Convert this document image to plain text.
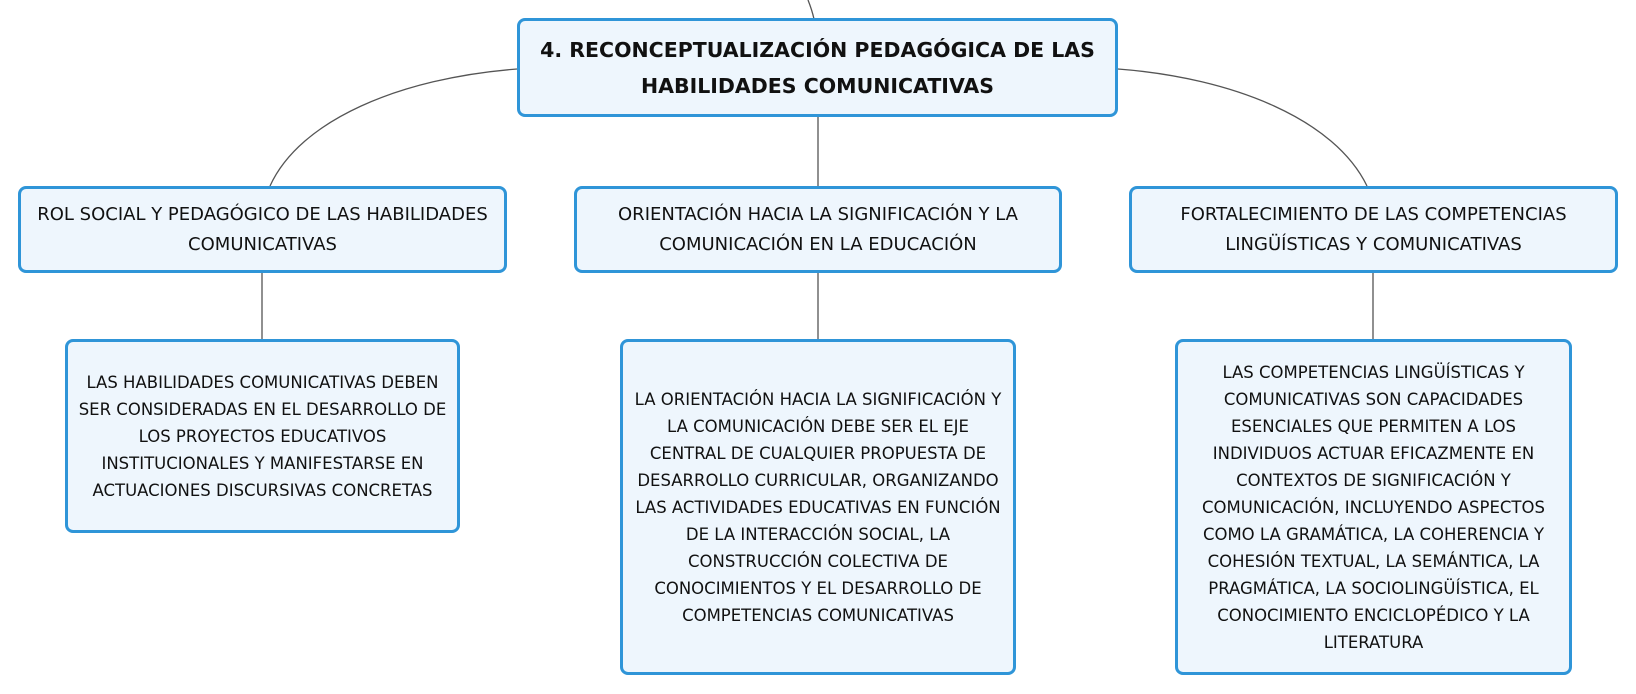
4. RECONCEPTUALIZACIÓN PEDAGÓGICA DE LAS HABILIDADES COMUNICATIVAS
ROL SOCIAL Y PEDAGÓGICO DE LAS HABILIDADES COMUNICATIVAS
ORIENTACIÓN HACIA LA SIGNIFICACIÓN Y LA COMUNICACIÓN EN LA EDUCACIÓN
FORTALECIMIENTO DE LAS COMPETENCIAS LINGÜÍSTICAS Y COMUNICATIVAS
LAS HABILIDADES COMUNICATIVAS DEBEN SER CONSIDERADAS EN EL DESARROLLO DE LOS PROYECTOS EDUCATIVOS INSTITUCIONALES Y MANIFESTARSE EN ACTUACIONES DISCURSIVAS CONCRETAS
LA ORIENTACIÓN HACIA LA SIGNIFICACIÓN Y LA COMUNICACIÓN DEBE SER EL EJE CENTRAL DE CUALQUIER PROPUESTA DE DESARROLLO CURRICULAR, ORGANIZANDO LAS ACTIVIDADES EDUCATIVAS EN FUNCIÓN DE LA INTERACCIÓN SOCIAL, LA CONSTRUCCIÓN COLECTIVA DE CONOCIMIENTOS Y EL DESARROLLO DE COMPETENCIAS COMUNICATIVAS
LAS COMPETENCIAS LINGÜÍSTICAS Y COMUNICATIVAS SON CAPACIDADES ESENCIALES QUE PERMITEN A LOS INDIVIDUOS ACTUAR EFICAZMENTE EN CONTEXTOS DE SIGNIFICACIÓN Y COMUNICACIÓN, INCLUYENDO ASPECTOS COMO LA GRAMÁTICA, LA COHERENCIA Y COHESIÓN TEXTUAL, LA SEMÁNTICA, LA PRAGMÁTICA, LA SOCIOLINGÜÍSTICA, EL CONOCIMIENTO ENCICLOPÉDICO Y LA LITERATURA
